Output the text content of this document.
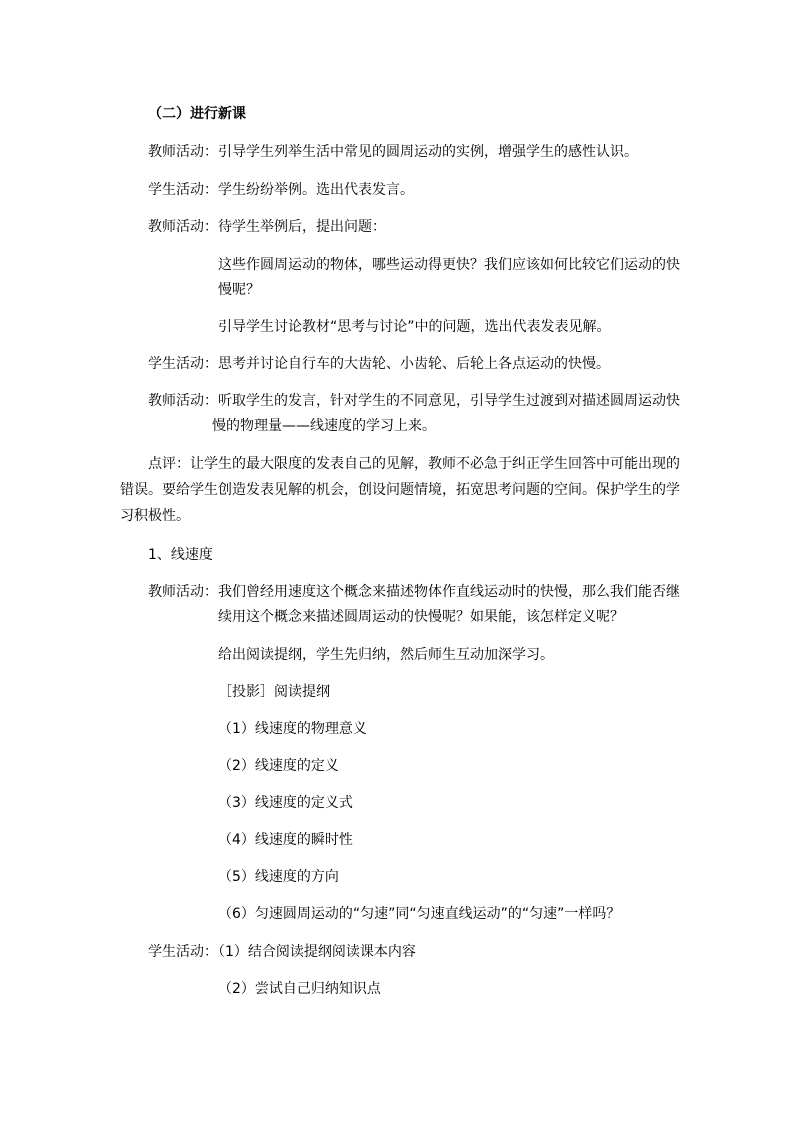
（二）进行新课
教师活动：引导学生列举生活中常见的圆周运动的实例，增强学生的感性认识。
学生活动：学生纷纷举例。选出代表发言。
教师活动：待学生举例后，提出问题：
这些作圆周运动的物体，哪些运动得更快？我们应该如何比较它们运动的快
慢呢？
引导学生讨论教材“思考与讨论”中的问题，选出代表发表见解。
学生活动：思考并讨论自行车的大齿轮、小齿轮、后轮上各点运动的快慢。
教师活动：听取学生的发言，针对学生的不同意见，引导学生过渡到对描述圆周运动快
慢的物理量——线速度的学习上来。
点评：让学生的最大限度的发表自己的见解，教师不必急于纠正学生回答中可能出现的
错误。要给学生创造发表见解的机会，创设问题情境，拓宽思考问题的空间。保护学生的学
习积极性。
1、线速度
教师活动：我们曾经用速度这个概念来描述物体作直线运动时的快慢，那么我们能否继
续用这个概念来描述圆周运动的快慢呢？如果能，该怎样定义呢？
给出阅读提纲，学生先归纳，然后师生互动加深学习。
［投影］阅读提纲
（1）线速度的物理意义
（2）线速度的定义
（3）线速度的定义式
（4）线速度的瞬时性
（5）线速度的方向
（6）匀速圆周运动的“匀速”同“匀速直线运动”的“匀速”一样吗？
学生活动：（1）结合阅读提纲阅读课本内容
（2）尝试自己归纳知识点
